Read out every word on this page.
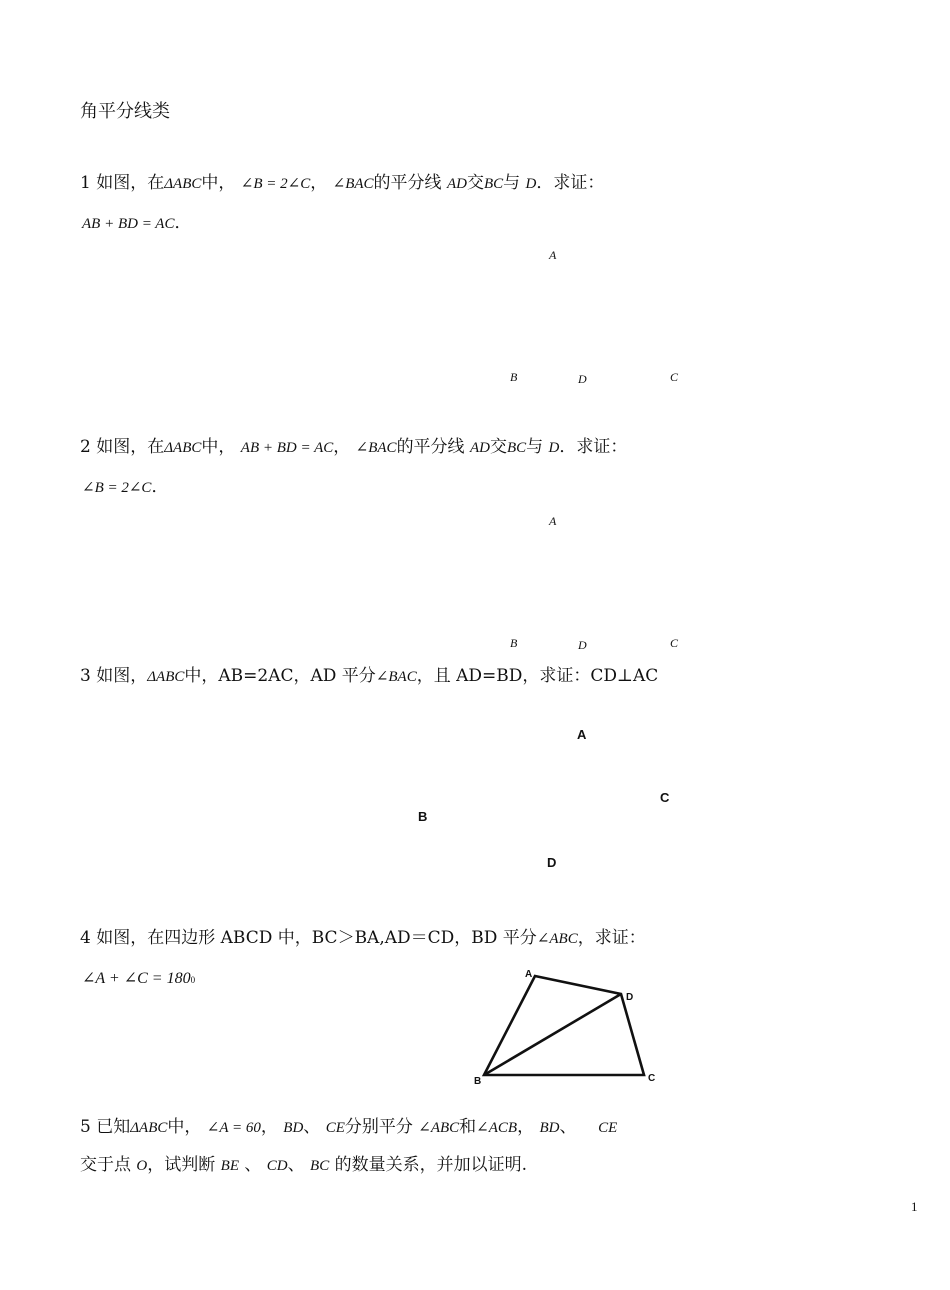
角平分线类
1 如图，在ΔABC中， ∠B = 2∠C， ∠BAC的平分线 AD交BC与 D．求证：
AB + BD = AC．
A
B	D	C
2 如图，在ΔABC中， AB + BD = AC， ∠BAC的平分线 AD交BC与 D．求证：
∠B = 2∠C．
A
B	D	C
3 如图，ΔABC中，AB=2AC，AD 平分∠BAC，且 AD=BD，求证：CD⊥AC
A
B
C
D
4 如图，在四边形 ABCD 中，BC＞BA,AD＝CD，BD 平分∠ABC，求证：
∠A + ∠C = 1800	A
B	C
D
5 已知ΔABC中， ∠A = 60， BD、 CE分别平分 ∠ABC和∠ACB， BD、 CE
交于点 O，试判断 BE 、 CD、 BC 的数量关系，并加以证明.
1
